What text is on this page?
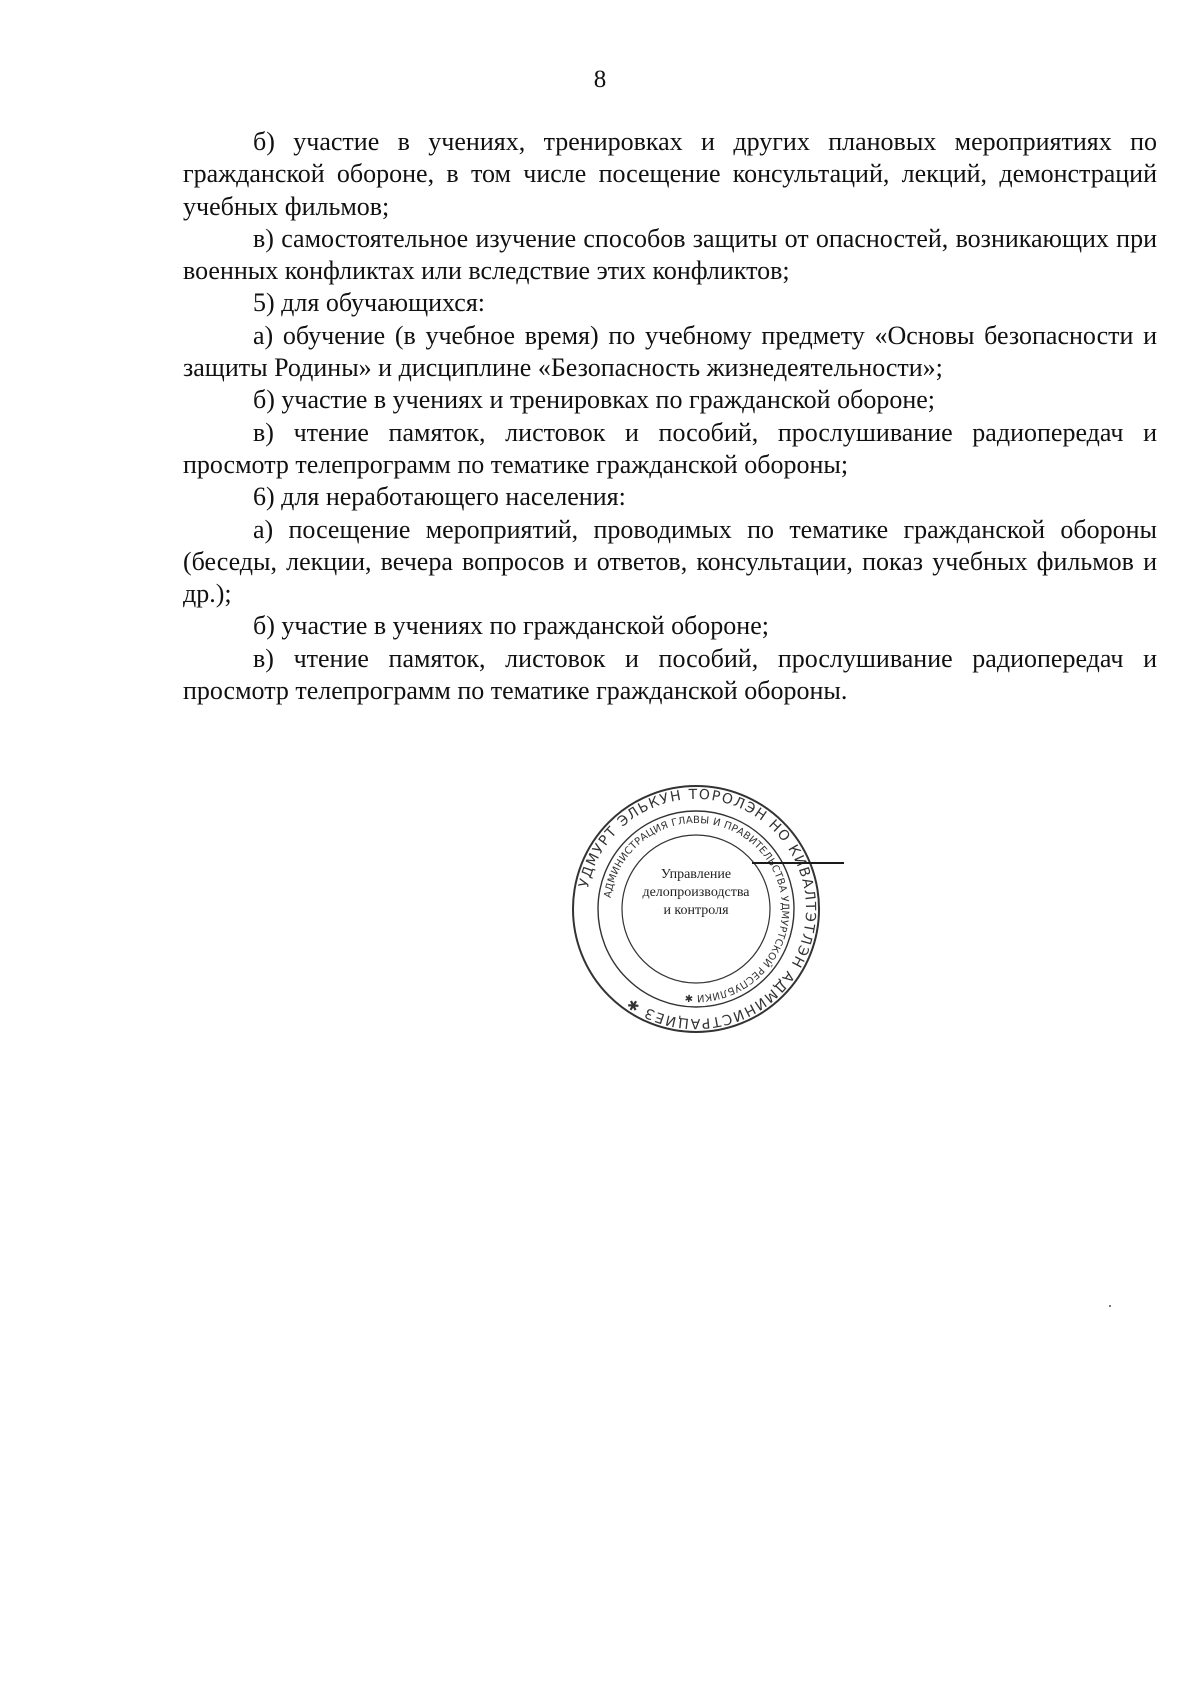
8

б) участие в учениях, тренировках и других плановых мероприятиях по гражданской обороне, в том числе посещение консультаций, лекций, демонстраций учебных фильмов;

в) самостоятельное изучение способов защиты от опасностей, возникающих при военных конфликтах или вследствие этих конфликтов;

5) для обучающихся:

а) обучение (в учебное время) по учебному предмету «Основы безопасности и защиты Родины» и дисциплине «Безопасность жизнедеятельности»;

б) участие в учениях и тренировках по гражданской обороне;

в) чтение памяток, листовок и пособий, прослушивание радиопередач и просмотр телепрограмм по тематике гражданской обороны;

6) для неработающего населения:

а) посещение мероприятий, проводимых по тематике гражданской обороны (беседы, лекции, вечера вопросов и ответов, консультации, показ учебных фильмов и др.);

б) участие в учениях по гражданской обороне;

в) чтение памяток, листовок и пособий, прослушивание радиопередач и просмотр телепрограмм по тематике гражданской обороны.

УДМУРТ ЭЛЬКУН ТОРОЛЭН НО КИВАЛТЭТЛЭН АДМИНИСТРАЦИЕЗ ✱
АДМИНИСТРАЦИЯ ГЛАВЫ И ПРАВИТЕЛЬСТВА УДМУРТСКОЙ РЕСПУБЛИКИ ✱
Управление
делопроизводства
и контроля
